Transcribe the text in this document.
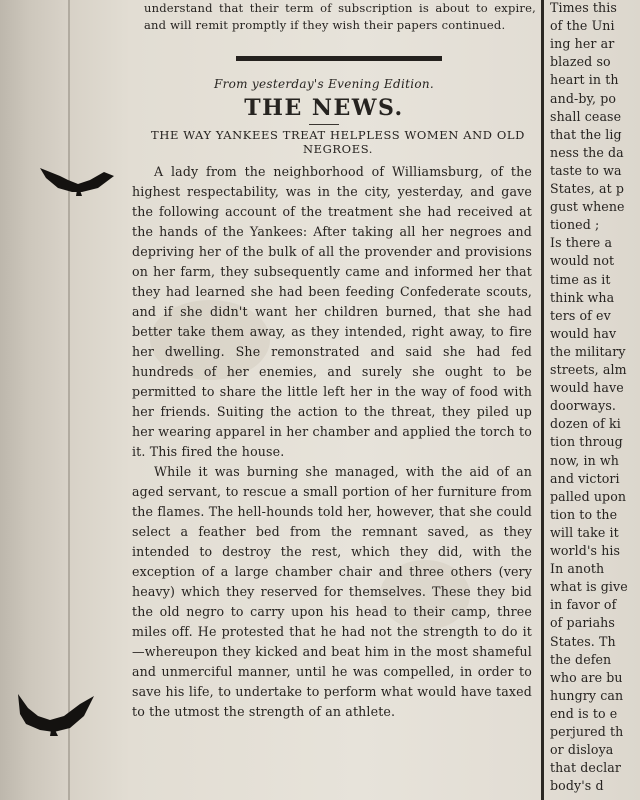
understand that their term of subscription is about to expire, and will remit promptly if they wish their papers continued.
From yesterday's Evening Edition.
THE NEWS.
THE WAY YANKEES TREAT HELPLESS WOMEN AND OLD NEGROES.

A lady from the neighborhood of Williamsburg, of the highest respectability, was in the city, yesterday, and gave the following account of the treatment she had received at the hands of the Yankees: After taking all her negroes and depriving her of the bulk of all the provender and provisions on her farm, they subsequently came and informed her that they had learned she had been feeding Confederate scouts, and if she didn't want her children burned, that she had better take them away, as they intended, right away, to fire her dwelling. She remonstrated and said she had fed hundreds of her enemies, and surely she ought to be permitted to share the little left her in the way of food with her friends. Suiting the action to the threat, they piled up her wearing apparel in her chamber and applied the torch to it. This fired the house.

While it was burning she managed, with the aid of an aged servant, to rescue a small portion of her furniture from the flames. The hell-hounds told her, however, that she could select a feather bed from the remnant saved, as they intended to destroy the rest, which they did, with the exception of a large chamber chair and three others (very heavy) which they reserved for themselves. These they bid the old negro to carry upon his head to their camp, three miles off. He protested that he had not the strength to do it—whereupon they kicked and beat him in the most shameful and unmerciful manner, until he was compelled, in order to save his life, to undertake to perform what would have taxed to the utmost the strength of an athlete.

Times this
of the Uni
ing her ar
blazed so
heart in th
and-by, po
shall cease
that the lig
ness the da
taste to wa
States, at p
gust whene
tioned ;
Is there a
would not
time as it
think wha
ters of ev
would hav
the military
streets, alm
would have
doorways.
dozen of ki
tion throug
now, in wh
and victori
palled upon
tion to the
will take it
world's his
In anoth
what is give
in favor of
of pariahs
States. Th
the defen
who are bu
hungry can
end is to e
perjured th
or disloya
that declar
body's d
